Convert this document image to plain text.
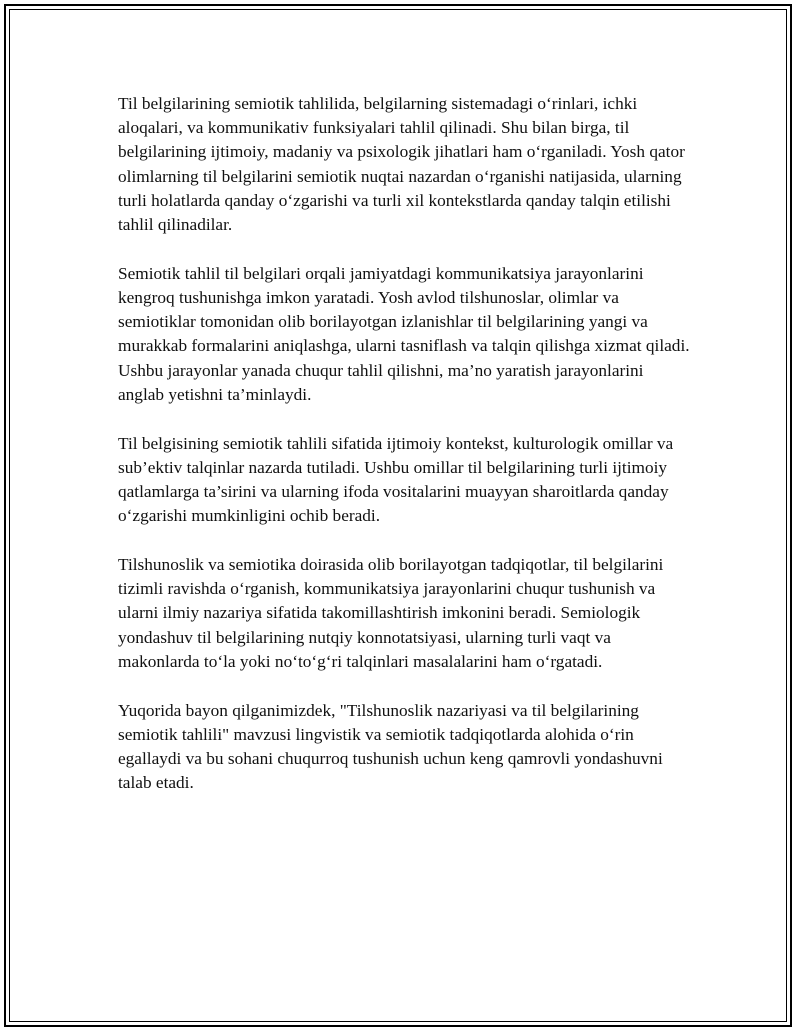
Til belgilarining semiotik tahlilida, belgilarning sistemadagi o‘rinlari, ichki aloqalari, va kommunikativ funksiyalari tahlil qilinadi. Shu bilan birga, til belgilarining ijtimoiy, madaniy va psixologik jihatlari ham o‘rganiladi. Yosh qator olimlarning til belgilarini semiotik nuqtai nazardan o‘rganishi natijasida, ularning turli holatlarda qanday o‘zgarishi va turli xil kontekstlarda qanday talqin etilishi tahlil qilinadilar.

Semiotik tahlil til belgilari orqali jamiyatdagi kommunikatsiya jarayonlarini kengroq tushunishga imkon yaratadi. Yosh avlod tilshunoslar, olimlar va semiotiklar tomonidan olib borilayotgan izlanishlar til belgilarining yangi va murakkab formalarini aniqlashga, ularni tasniflash va talqin qilishga xizmat qiladi. Ushbu jarayonlar yanada chuqur tahlil qilishni, ma’no yaratish jarayonlarini anglab yetishni ta’minlaydi.

Til belgisining semiotik tahlili sifatida ijtimoiy kontekst, kulturologik omillar va sub’ektiv talqinlar nazarda tutiladi. Ushbu omillar til belgilarining turli ijtimoiy qatlamlarga ta’sirini va ularning ifoda vositalarini muayyan sharoitlarda qanday o‘zgarishi mumkinligini ochib beradi.

Tilshunoslik va semiotika doirasida olib borilayotgan tadqiqotlar, til belgilarini tizimli ravishda o‘rganish, kommunikatsiya jarayonlarini chuqur tushunish va ularni ilmiy nazariya sifatida takomillashtirish imkonini beradi. Semiologik yondashuv til belgilarining nutqiy konnotatsiyasi, ularning turli vaqt va makonlarda to‘la yoki no‘to‘g‘ri talqinlari masalalarini ham o‘rgatadi.

Yuqorida bayon qilganimizdek, "Tilshunoslik nazariyasi va til belgilarining semiotik tahlili" mavzusi lingvistik va semiotik tadqiqotlarda alohida o‘rin egallaydi va bu sohani chuqurroq tushunish uchun keng qamrovli yondashuvni talab etadi.
